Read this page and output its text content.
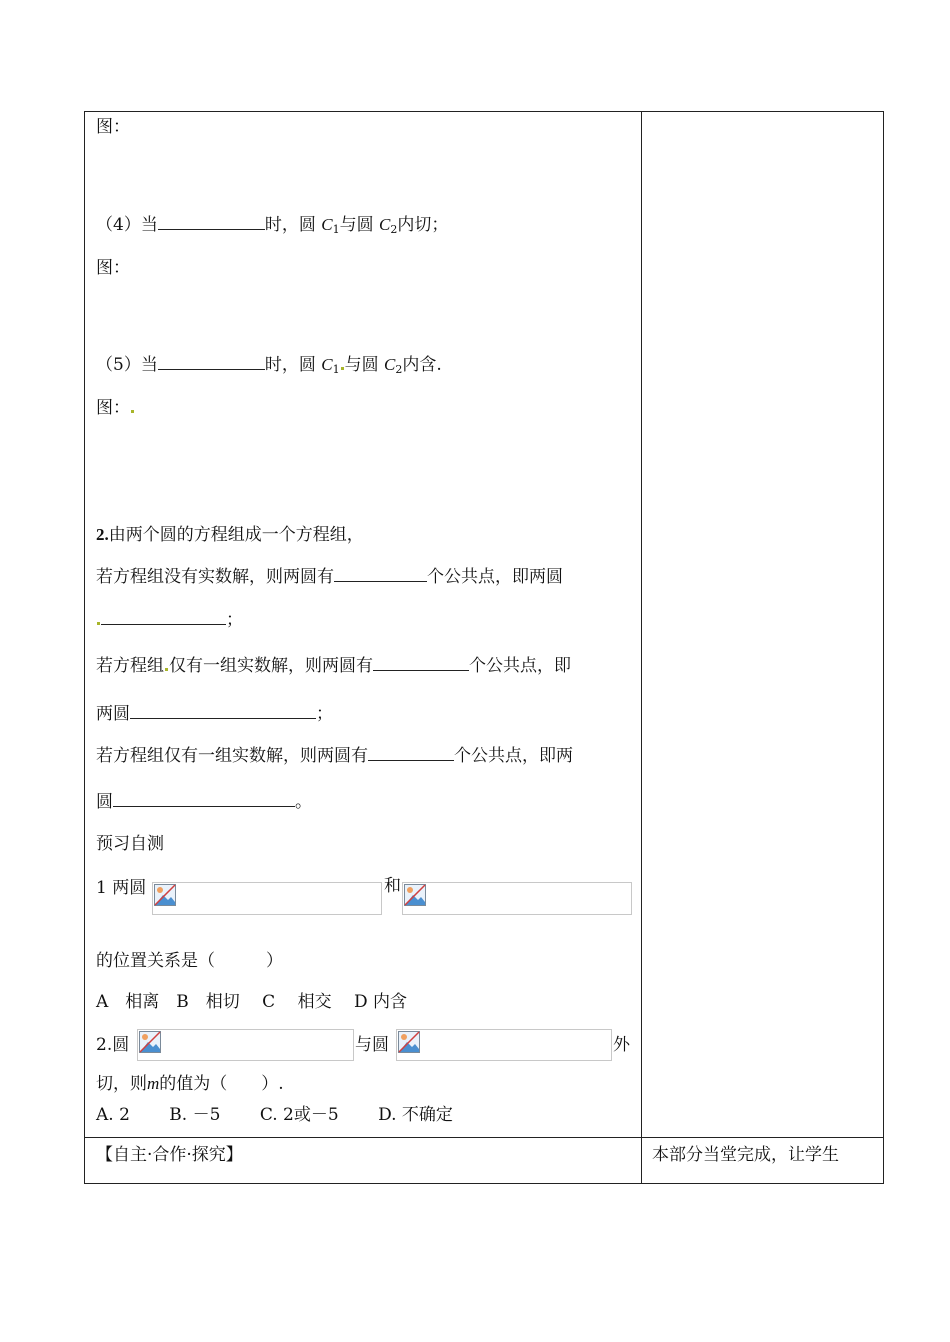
图：
（4）当	时，圆 $C_1$与圆 $C_2$内切；
图：
（5）当	时，圆 $C_1$ 与圆 $C_2$内含.
图：
2.由两个圆的方程组成一个方程组，
若方程组没有实数解，则两圆有	个公共点，即两圆
；
若方程组 仅有一组实数解，则两圆有	个公共点，即
两圆	；
若方程组仅有一组实数解，则两圆有	个公共点，即两
圆	。
预习自测
1 两圆	和
的位置关系是（　　　）
A　相离　B　相切　 C　 相交　 D 内含
2.圆	与圆	外
切，则m的值为（　　）.
A. 2　　 B. －5　　 C. 2或－5　　 D. 不确定
【自主·合作·探究】	本部分当堂完成，让学生
